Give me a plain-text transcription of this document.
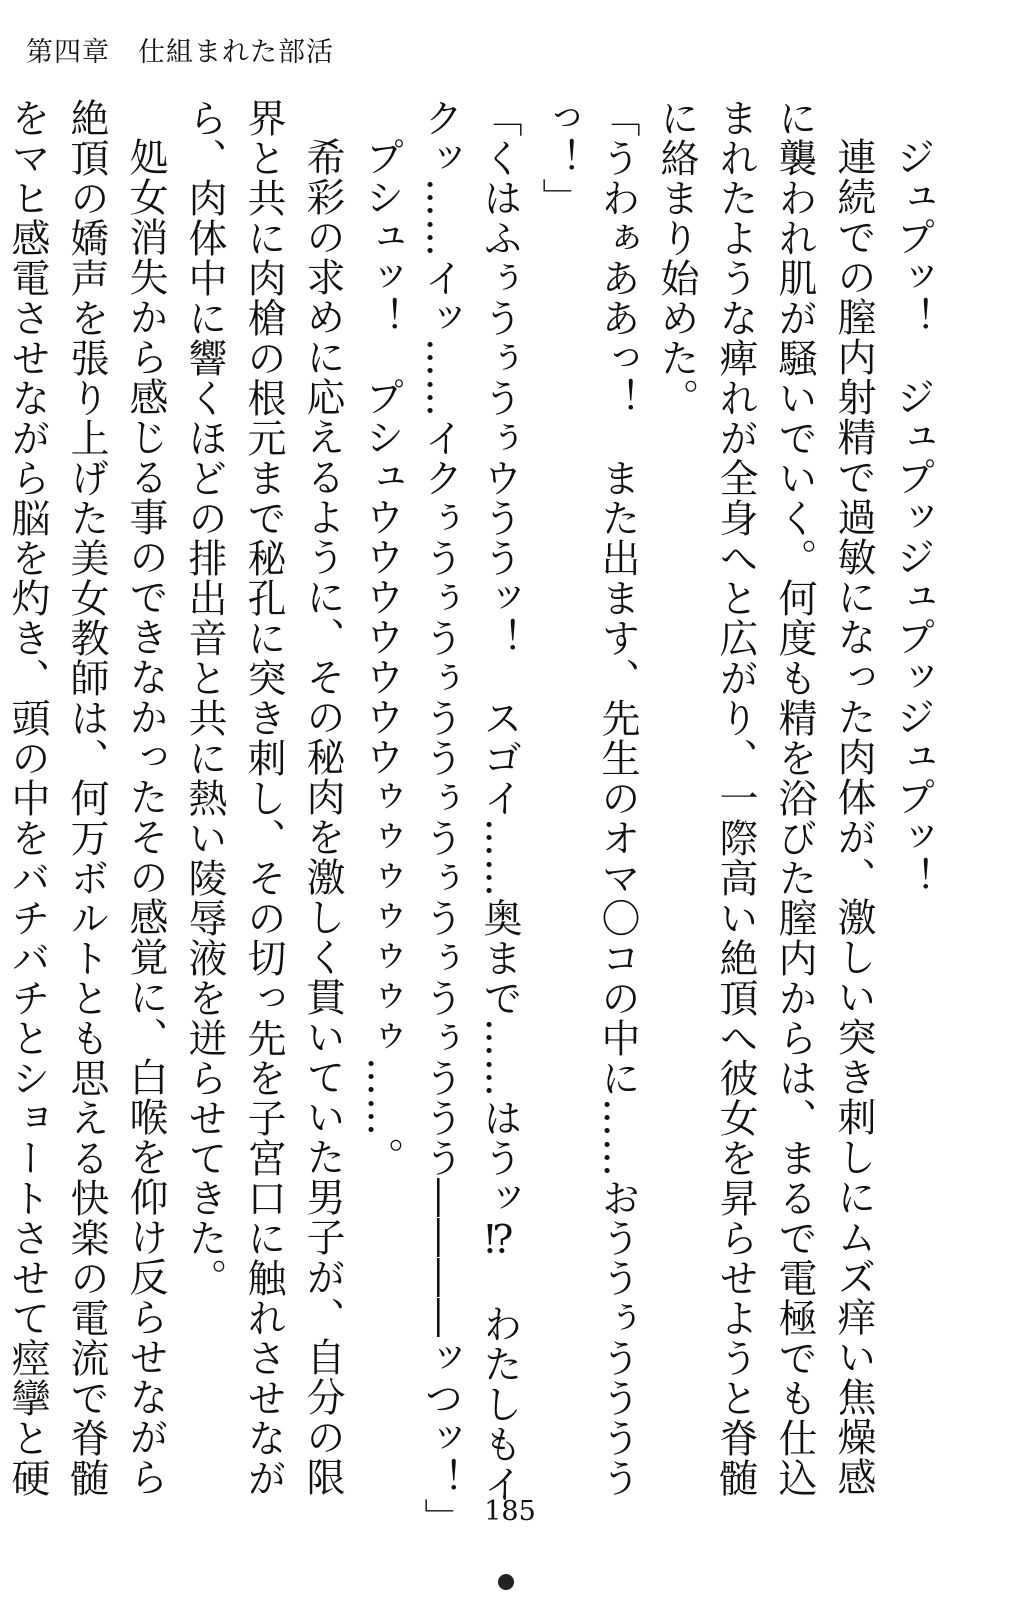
第四章　仕組まれた部活

ジュプッ！　ジュプッジュプッジュプッ！

連続での膣内射精で過敏になった肉体が、激しい突き刺しにムズ痒い焦燥感に襲われ肌が騒いでいく。何度も精を浴びた膣内からは、まるで電極でも仕込まれたような痺れが全身へと広がり、一際高い絶頂へ彼女を昇らせようと脊髄に絡まり始めた。

「うわぁああっ！　また出ます、先生のオマ〇コの中に……おううぅううううっ！」

「くはふぅうぅうぅウううッ！　スゴイ……奥まで……はうッ⁉　わたしもイクッ……イッ……イクぅうぅうぅううぅうぅうぅうぅううう――――ッつッ！」

プシュッ！　プシュウウウウウウウゥゥゥゥゥゥゥ……。

希彩の求めに応えるように、その秘肉を激しく貫いていた男子が、自分の限界と共に肉槍の根元まで秘孔に突き刺し、その切っ先を子宮口に触れさせながら、肉体中に響くほどの排出音と共に熱い陵辱液を迸らせてきた。

処女消失から感じる事のできなかったその感覚に、白喉を仰け反らせながら絶頂の嬌声を張り上げた美女教師は、何万ボルトとも思える快楽の電流で脊髄をマヒ感電させながら脳を灼き、頭の中をバチバチとショートさせて痙攣と硬

185
